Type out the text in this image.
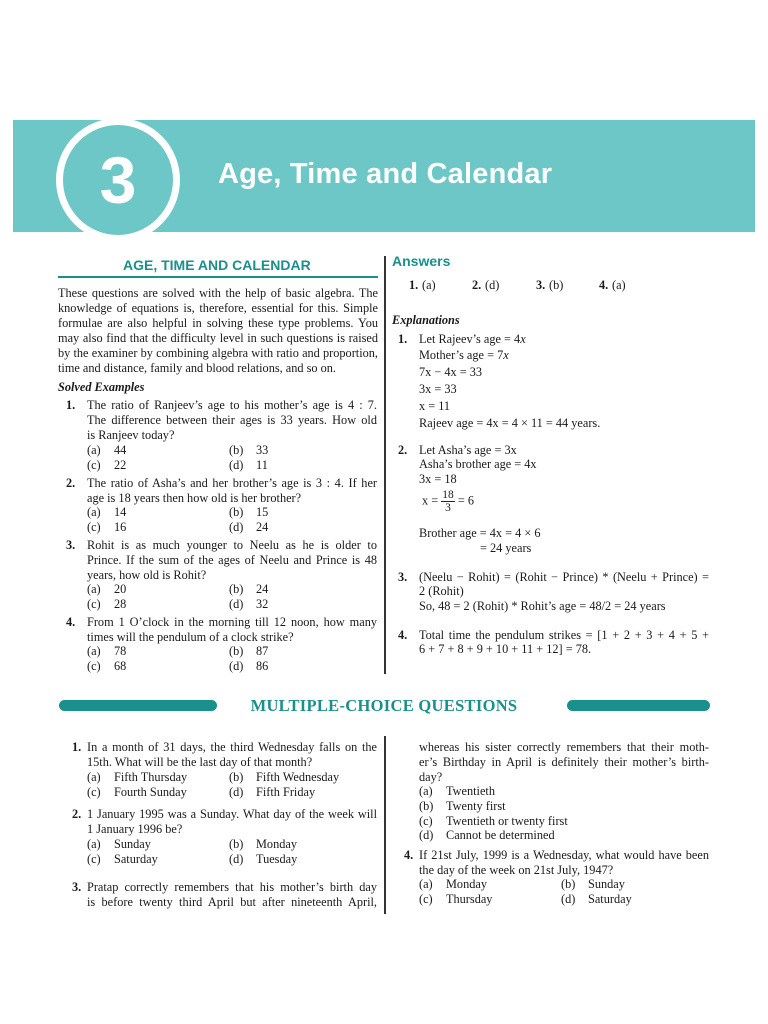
3	Age, Time and Calendar
AGE, TIME AND CALENDAR
These questions are solved with the help of basic algebra. The
knowledge of equations is, therefore, essential for this. Simple
formulae are also helpful in solving these type problems. You
may also find that the difficulty level in such questions is raised
by the examiner by combining algebra with ratio and proportion,
time and distance, family and blood relations, and so on.
Solved Examples
1. The ratio of Ranjeev’s age to his mother’s age is 4 : 7.
The difference between their ages is 33 years. How old
is Ranjeev today?
(a) 44	(b) 33
(c) 22	(d) 11
2. The ratio of Asha’s and her brother’s age is 3 : 4. If her
age is 18 years then how old is her brother?
(a) 14	(b) 15
(c) 16	(d) 24
3. Rohit is as much younger to Neelu as he is older to
Prince. If the sum of the ages of Neelu and Prince is 48
years, how old is Rohit?
(a) 20	(b) 24
(c) 28	(d) 32
4. From 1 O’clock in the morning till 12 noon, how many
times will the pendulum of a clock strike?
(a) 78	(b) 87
(c) 68	(d) 86
Answers
1. (a)	2. (d)	3. (b)	4. (a)
Explanations
1. Let Rajeev’s age = 4x
Mother’s age = 7x
7x − 4x = 33
3x = 33
x = 11
Rajeev age = 4x = 4 × 11 = 44 years.
2. Let Asha’s age = 3x
Asha’s brother age = 4x
3x = 18
$x = \frac{18}{3} = 6$
Brother age = 4x = 4 × 6
= 24 years
3. (Neelu − Rohit) = (Rohit − Prince) * (Neelu + Prince) =
2 (Rohit)
So, 48 = 2 (Rohit) * Rohit’s age = 48/2 = 24 years
4. Total time the pendulum strikes = [1 + 2 + 3 + 4 + 5 +
6 + 7 + 8 + 9 + 10 + 11 + 12] = 78.
MULTIPLE-CHOICE QUESTIONS
1. In a month of 31 days, the third Wednesday falls on the
15th. What will be the last day of that month?
(a) Fifth Thursday	(b) Fifth Wednesday
(c) Fourth Sunday	(d) Fifth Friday
2. 1 January 1995 was a Sunday. What day of the week will
1 January 1996 be?
(a) Sunday	(b) Monday
(c) Saturday	(d) Tuesday
3. Pratap correctly remembers that his mother’s birth day
is before twenty third April but after nineteenth April,
whereas his sister correctly remembers that their moth-
er’s Birthday in April is definitely their mother’s birth-
day?
(a) Twentieth
(b) Twenty first
(c) Twentieth or twenty first
(d) Cannot be determined
4. If 21st July, 1999 is a Wednesday, what would have been
the day of the week on 21st July, 1947?
(a) Monday	(b) Sunday
(c) Thursday	(d) Saturday
